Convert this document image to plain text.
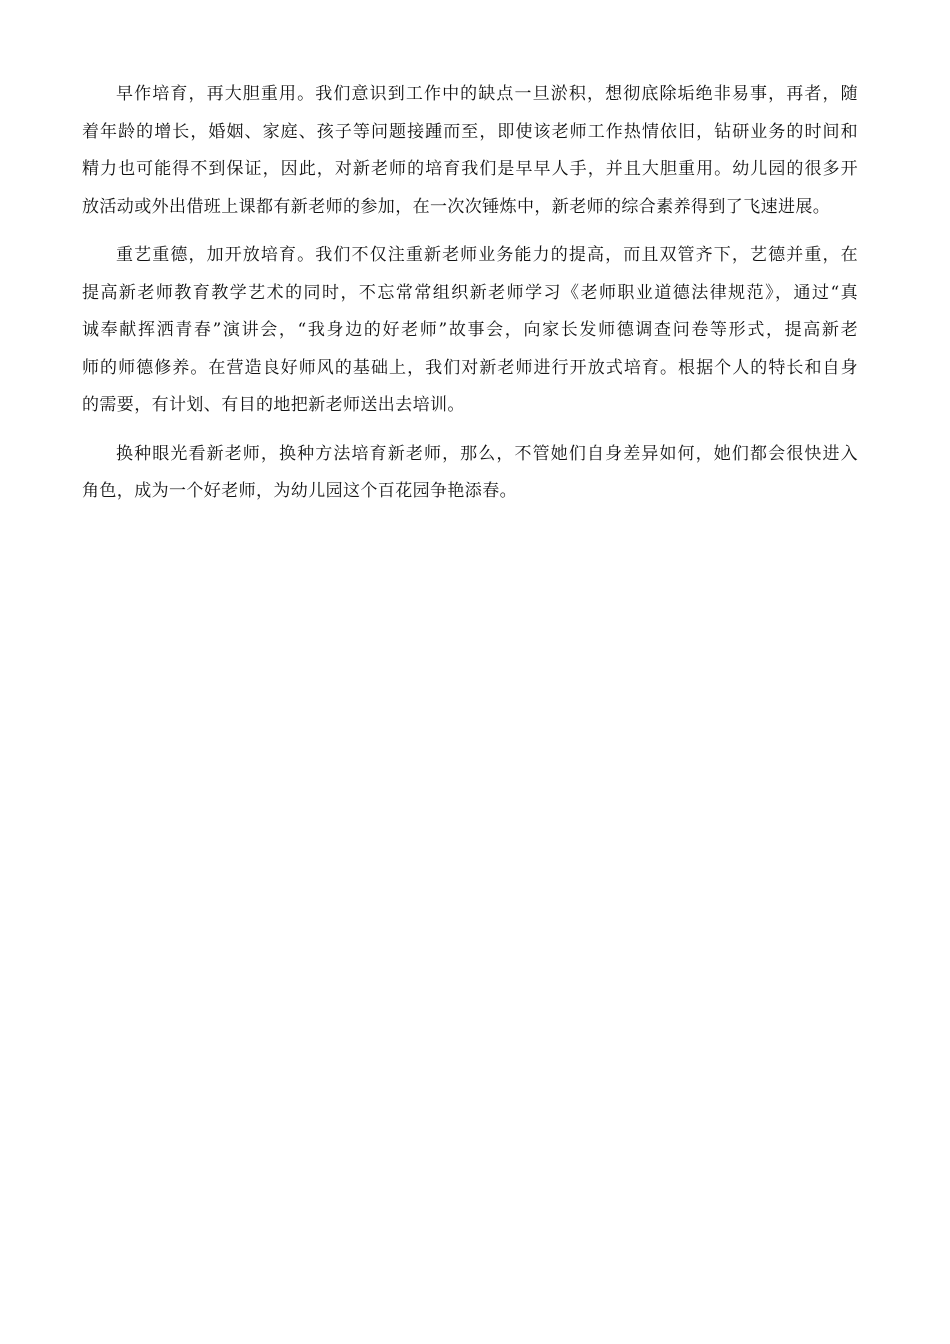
早作培育，再大胆重用。我们意识到工作中的缺点一旦淤积，想彻底除垢绝非易事，再者，随
着年龄的增长，婚姻、家庭、孩子等问题接踵而至，即使该老师工作热情依旧，钻研业务的时间和
精力也可能得不到保证，因此，对新老师的培育我们是早早人手，并且大胆重用。幼儿园的很多开
放活动或外出借班上课都有新老师的参加，在一次次锤炼中，新老师的综合素养得到了飞速进展。

重艺重德，加开放培育。我们不仅注重新老师业务能力的提高，而且双管齐下，艺德并重，在
提高新老师教育教学艺术的同时，不忘常常组织新老师学习《老师职业道德法律规范》，通过“真
诚奉献挥洒青春”演讲会，“我身边的好老师”故事会，向家长发师德调查问卷等形式，提高新老
师的师德修养。在营造良好师风的基础上，我们对新老师进行开放式培育。根据个人的特长和自身
的需要，有计划、有目的地把新老师送出去培训。

换种眼光看新老师，换种方法培育新老师，那么，不管她们自身差异如何，她们都会很快进入
角色，成为一个好老师，为幼儿园这个百花园争艳添春。
